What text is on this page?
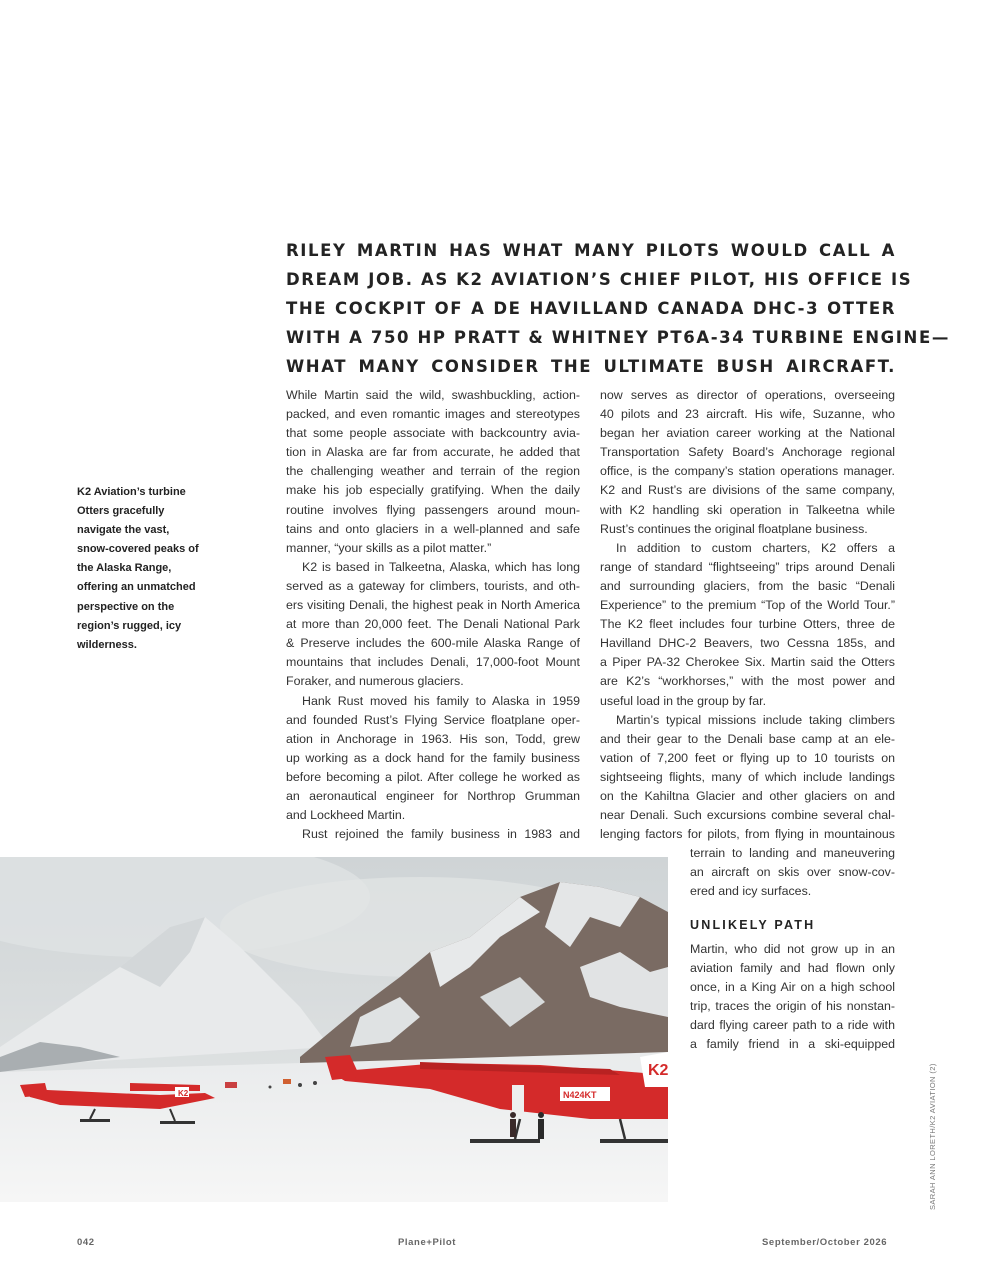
RILEY MARTIN HAS WHAT MANY PILOTS WOULD CALL A
DREAM JOB. AS K2 AVIATION’S CHIEF PILOT, HIS OFFICE IS
THE COCKPIT OF A DE HAVILLAND CANADA DHC-3 OTTER
WITH A 750 HP PRATT & WHITNEY PT6A-34 TURBINE ENGINE—
WHAT MANY CONSIDER THE ULTIMATE BUSH AIRCRAFT.
K2 Aviation’s turbine
Otters gracefully
navigate the vast,
snow-covered peaks of
the Alaska Range,
offering an unmatched
perspective on the
region’s rugged, icy
wilderness.
While Martin said the wild, swashbuckling, action-
packed, and even romantic images and stereotypes
that some people associate with backcountry avia-
tion in Alaska are far from accurate, he added that
the challenging weather and terrain of the region
make his job especially gratifying. When the daily
routine involves flying passengers around moun-
tains and onto glaciers in a well-planned and safe
manner, “your skills as a pilot matter.”
K2 is based in Talkeetna, Alaska, which has long
served as a gateway for climbers, tourists, and oth-
ers visiting Denali, the highest peak in North America
at more than 20,000 feet. The Denali National Park
& Preserve includes the 600-mile Alaska Range of
mountains that includes Denali, 17,000-foot Mount
Foraker, and numerous glaciers.
Hank Rust moved his family to Alaska in 1959
and founded Rust’s Flying Service floatplane oper-
ation in Anchorage in 1963. His son, Todd, grew
up working as a dock hand for the family business
before becoming a pilot. After college he worked as
an aeronautical engineer for Northrop Grumman
and Lockheed Martin.
Rust rejoined the family business in 1983 and
now serves as director of operations, overseeing
40 pilots and 23 aircraft. His wife, Suzanne, who
began her aviation career working at the National
Transportation Safety Board’s Anchorage regional
office, is the company’s station operations manager.
K2 and Rust’s are divisions of the same company,
with K2 handling ski operation in Talkeetna while
Rust’s continues the original floatplane business.
In addition to custom charters, K2 offers a
range of standard “flightseeing” trips around Denali
and surrounding glaciers, from the basic “Denali
Experience” to the premium “Top of the World Tour.”
The K2 fleet includes four turbine Otters, three de
Havilland DHC-2 Beavers, two Cessna 185s, and
a Piper PA-32 Cherokee Six. Martin said the Otters
are K2’s “workhorses,” with the most power and
useful load in the group by far.
Martin’s typical missions include taking climbers
and their gear to the Denali base camp at an ele-
vation of 7,200 feet or flying up to 10 tourists on
sightseeing flights, many of which include landings
on the Kahiltna Glacier and other glaciers on and
near Denali. Such excursions combine several chal-
lenging factors for pilots, from flying in mountainous
terrain to landing and maneuvering
an aircraft on skis over snow-cov-
ered and icy surfaces.
UNLIKELY PATH
Martin, who did not grow up in an
aviation family and had flown only
once, in a King Air on a high school
trip, traces the origin of his nonstan-
dard flying career path to a ride with
a family friend in a ski-equipped
N424KT
K2
K2	SARAH ANN LORETH/K2 AVIATION (2)
042	Plane+Pilot	September/October 2026
